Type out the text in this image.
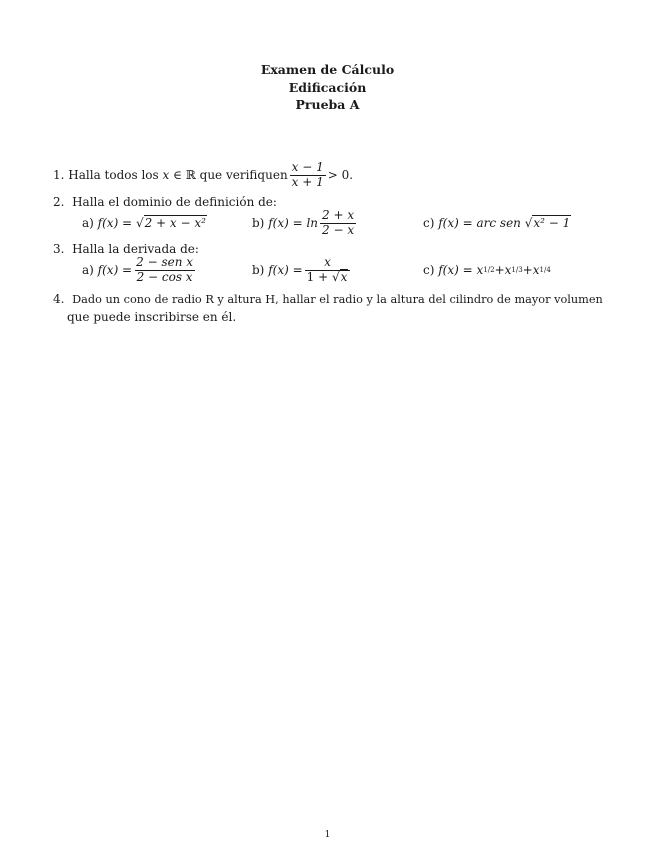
Examen de Cálculo
Edificación
Prueba A
1.
Halla todos los
x
∈ ℝ
que verifiquen $\frac{x - 1}{x + 1} > 0$.
2. Halla el dominio de definición de:
a)
f(x) =
√2 + x − x²	b)
$f(x) = \ln \frac{2 + x}{2 - x}$	c)
f(x) = arc sen
√x² − 1
3. Halla la derivada de:
a)
$f(x) = \frac{\text{2 − sen x}}{\text{2 − cos x}}$	b)
$f(x) = \frac{x}{1 + √x}$	c)
f(x) =
x 1/2 + x 1/3 + x 1/4
4. Dado un cono de radio R y altura H, hallar el radio y la altura del cilindro de mayor volumen
que puede inscribirse en él.
1
